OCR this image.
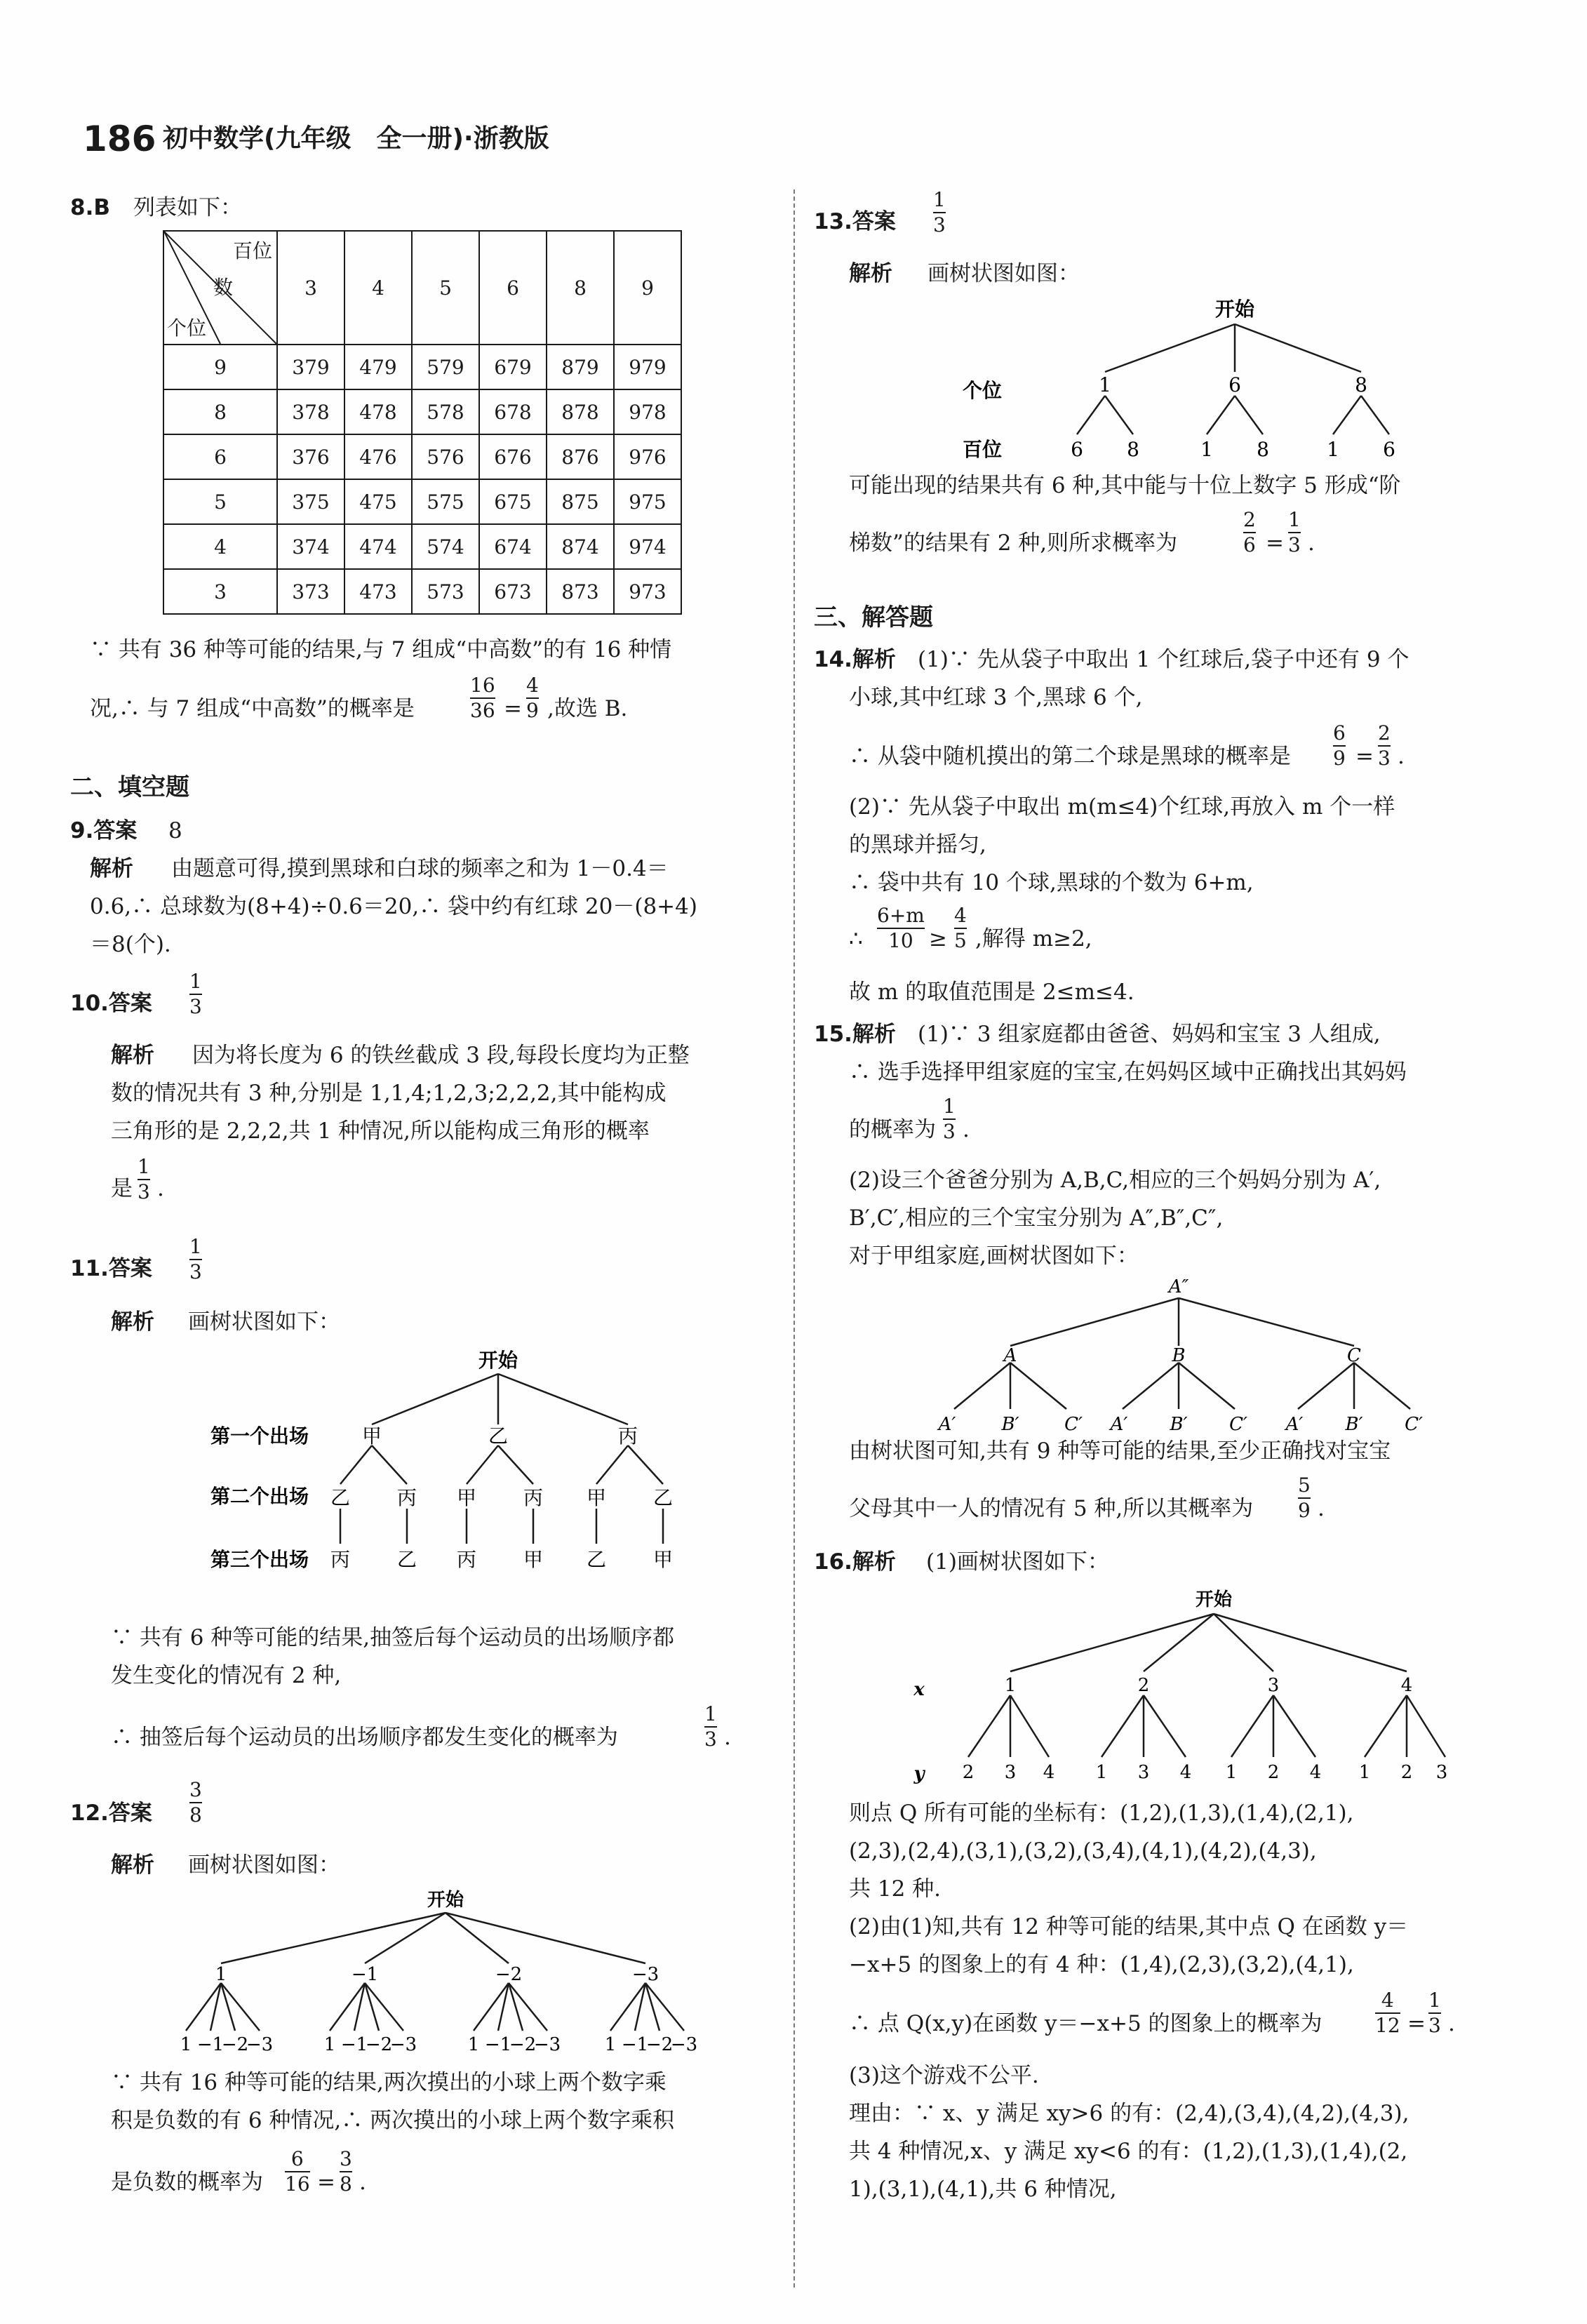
186 初中数学(九年级　全一册)·浙教版
8.B 列表如下：
百位
数
个位	3	4	5	6	8	9
9	379	479	579	679	879	979
8	378	478	578	678	878	978
6	376	476	576	676	876	976
5	375	475	575	675	875	975
4	374	474	574	674	874	974
3	373	473	573	673	873	973
∵ 共有 36 种等可能的结果,与 7 组成“中高数”的有 16 种情
况,∴ 与 7 组成“中高数”的概率是
16
36 =
4
9 ,故选 B.
二、填空题
9.答案 8
解析 由题意可得,摸到黑球和白球的频率之和为 1－0.4＝
0.6,∴ 总球数为(8+4)÷0.6＝20,∴ 袋中约有红球 20－(8+4)
＝8(个).
10.答案
1
3
解析 因为将长度为 6 的铁丝截成 3 段,每段长度均为正整
数的情况共有 3 种,分别是 1,1,4;1,2,3;2,2,2,其中能构成
三角形的是 2,2,2,共 1 种情况,所以能构成三角形的概率
是
1
3 .
11.答案
1
3
解析 画树状图如下：
开始
第一个出场
第二个出场
第三个出场
甲	乙	丙
乙 丙 甲 丙 甲 乙
丙 乙 丙 甲 乙 甲
∵ 共有 6 种等可能的结果,抽签后每个运动员的出场顺序都
发生变化的情况有 2 种,
∴ 抽签后每个运动员的出场顺序都发生变化的概率为
1
3 .
12.答案
3
8
解析 画树状图如图：
开始
1	−1	−2	−3
1 −1
−2
−3	1 −1
−2
−3	1 −1
−2
−3 1 −1
−2
−3
∵ 共有 16 种等可能的结果,两次摸出的小球上两个数字乘
积是负数的有 6 种情况,∴ 两次摸出的小球上两个数字乘积
是负数的概率为
6
16 =
3
8 .
13.答案
1
3
解析 画树状图如图：
开始
个位
百位
1	6	8
6 8	1 8	1 6
可能出现的结果共有 6 种,其中能与十位上数字 5 形成“阶
梯数”的结果有 2 种,则所求概率为
2
6 =
1
3 .
三、解答题
14.解析 (1)∵ 先从袋子中取出 1 个红球后,袋子中还有 9 个
小球,其中红球 3 个,黑球 6 个,
∴ 从袋中随机摸出的第二个球是黑球的概率是
6
9 =
2
3 .
(2)∵ 先从袋子中取出 m(m≤4)个红球,再放入 m 个一样
的黑球并摇匀,
∴ 袋中共有 10 个球,黑球的个数为 6+m,
∴
6+m
10 ≥
4
5 ,解得 m≥2,
故 m 的取值范围是 2≤m≤4.
15.解析 (1)∵ 3 组家庭都由爸爸、妈妈和宝宝 3 人组成,
∴ 选手选择甲组家庭的宝宝,在妈妈区域中正确找出其妈妈
的概率为
1
3 .
(2)设三个爸爸分别为 A,B,C,相应的三个妈妈分别为 A′,
B′,C′,相应的三个宝宝分别为 A″,B″,C″,
对于甲组家庭,画树状图如下：
A″
A	B	C
A′	B′ C′ A′ B′ C′ A′ B′ C′
由树状图可知,共有 9 种等可能的结果,至少正确找对宝宝
父母其中一人的情况有 5 种,所以其概率为
5
9 .
16.解析 (1)画树状图如下：
开始
x
y
1	2	3	4
2 3 4 1 3 4 1 2 4 1 2 3
则点 Q 所有可能的坐标有：(1,2),(1,3),(1,4),(2,1),
(2,3),(2,4),(3,1),(3,2),(3,4),(4,1),(4,2),(4,3),
共 12 种.
(2)由(1)知,共有 12 种等可能的结果,其中点 Q 在函数 y＝
−x+5 的图象上的有 4 种：(1,4),(2,3),(3,2),(4,1),
∴ 点 Q(x,y)在函数 y＝−x+5 的图象上的概率为
4
12 =
1
3 .
(3)这个游戏不公平.
理由：∵ x、y 满足 xy>6 的有：(2,4),(3,4),(4,2),(4,3),
共 4 种情况,x、y 满足 xy<6 的有：(1,2),(1,3),(1,4),(2,
1),(3,1),(4,1),共 6 种情况,
